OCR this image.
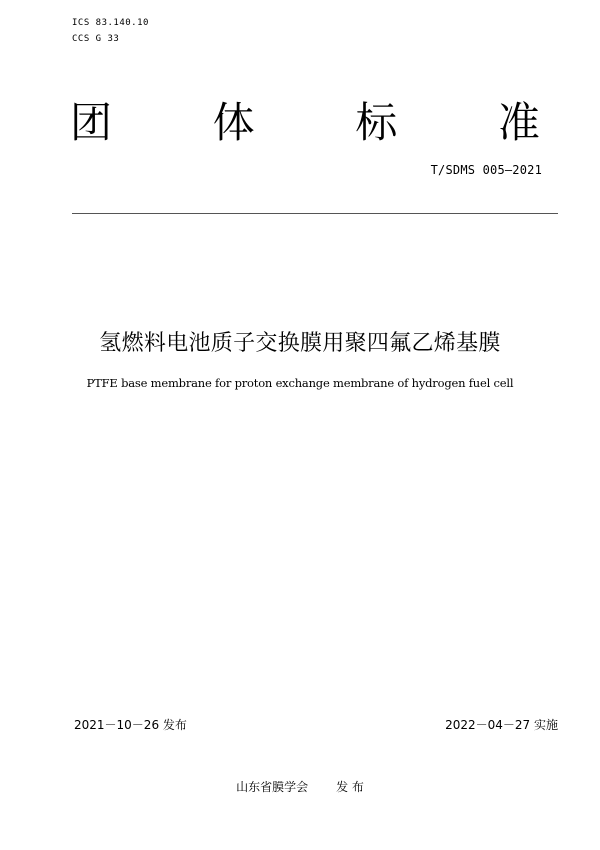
ICS 83.140.10
CCS G 33
团 体 标 准
T/SDMS 005—2021
氢燃料电池质子交换膜用聚四氟乙烯基膜
PTFE base membrane for proton exchange membrane of hydrogen fuel cell
2021－10－26 发布	2022－04－27 实施
山东省膜学会 发 布
